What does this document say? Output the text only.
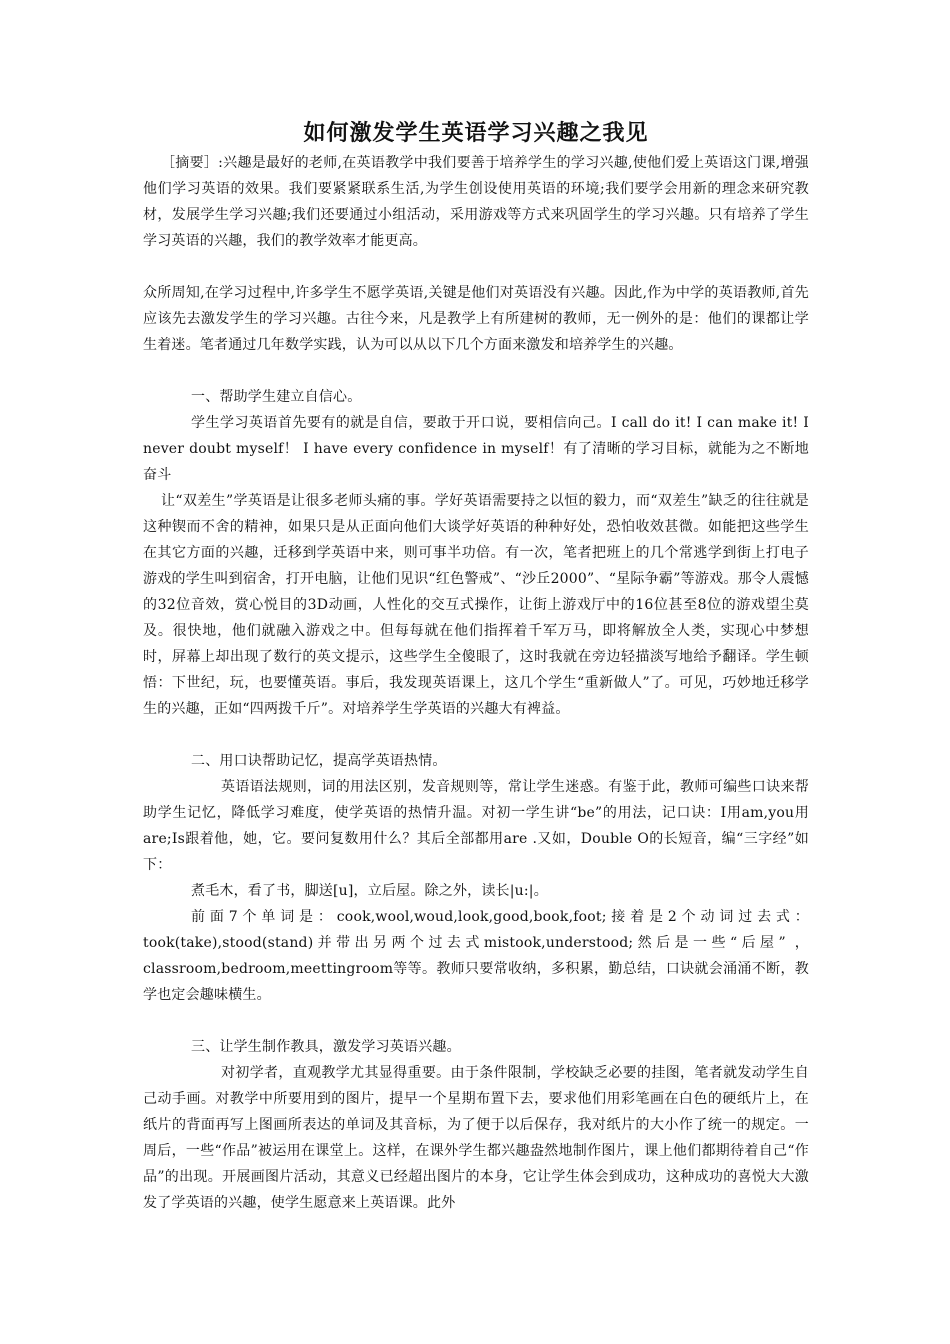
如何激发学生英语学习兴趣之我见

［摘要］:兴趣是最好的老师,在英语教学中我们要善于培养学生的学习兴趣,使他们爱上英语这门课,增强他们学习英语的效果。我们要紧紧联系生活,为学生创设使用英语的环境;我们要学会用新的理念来研究教材，发展学生学习兴趣;我们还要通过小组活动，采用游戏等方式来巩固学生的学习兴趣。只有培养了学生学习英语的兴趣，我们的教学效率才能更高。

众所周知,在学习过程中,许多学生不愿学英语,关键是他们对英语没有兴趣。因此,作为中学的英语教师,首先应该先去激发学生的学习兴趣。古往今来，凡是教学上有所建树的教师，无一例外的是：他们的课都让学生着迷。笔者通过几年数学实践，认为可以从以下几个方面来激发和培养学生的兴趣。

一、帮助学生建立自信心。

学生学习英语首先要有的就是自信，要敢于开口说，要相信向己。I call do it! I can make it! I never doubt myself！ I have every confidence in myself！有了清晰的学习目标，就能为之不断地奋斗

让“双差生”学英语是让很多老师头痛的事。学好英语需要持之以恒的毅力，而“双差生”缺乏的往往就是这种锲而不舍的精神，如果只是从正面向他们大谈学好英语的种种好处，恐怕收效甚微。如能把这些学生在其它方面的兴趣，迁移到学英语中来，则可事半功倍。有一次，笔者把班上的几个常逃学到街上打电子游戏的学生叫到宿舍，打开电脑，让他们见识“红色警戒”、“沙丘2000”、“星际争霸”等游戏。那令人震憾的32位音效，赏心悦目的3D动画，人性化的交互式操作，让街上游戏厅中的16位甚至8位的游戏望尘莫及。很快地，他们就融入游戏之中。但每每就在他们指挥着千军万马，即将解放全人类，实现心中梦想时，屏幕上却出现了数行的英文提示，这些学生全傻眼了，这时我就在旁边轻描淡写地给予翻译。学生顿悟：下世纪，玩，也要懂英语。事后，我发现英语课上，这几个学生“重新做人”了。可见，巧妙地迁移学生的兴趣，正如“四两拨千斤”。对培养学生学英语的兴趣大有裨益。

二、用口诀帮助记忆，提高学英语热情。

英语语法规则，词的用法区别，发音规则等，常让学生迷惑。有鉴于此，教师可编些口诀来帮助学生记忆，降低学习难度，使学英语的热情升温。对初一学生讲“be”的用法，记口诀：I用am,you用are;Is跟着他，她，它。要问复数用什么？其后全部都用are .又如，Double O的长短音，编“三字经”如下：

煮毛木，看了书，脚送[u]，立后屋。除之外，读长|u:|。

前面7个单词是：cook,wool,woud,look,good,book,foot;接着是2个动词过去式：took(take),stood(stand)并带出另两个过去式mistook,understood;然后是一些“后屋” ，classroom,bedroom,meettingroom等等。教师只要常收纳，多积累，勤总结，口诀就会涌涌不断，教学也定会趣味横生。

三、让学生制作教具，激发学习英语兴趣。

对初学者，直观教学尤其显得重要。由于条件限制，学校缺乏必要的挂图，笔者就发动学生自己动手画。对教学中所要用到的图片，提早一个星期布置下去，要求他们用彩笔画在白色的硬纸片上，在纸片的背面再写上图画所表达的单词及其音标，为了便于以后保存，我对纸片的大小作了统一的规定。一周后，一些“作品”被运用在课堂上。这样，在课外学生都兴趣盎然地制作图片，课上他们都期待着自己“作品”的出现。开展画图片活动，其意义已经超出图片的本身，它让学生体会到成功，这种成功的喜悦大大激发了学英语的兴趣，使学生愿意来上英语课。此外
